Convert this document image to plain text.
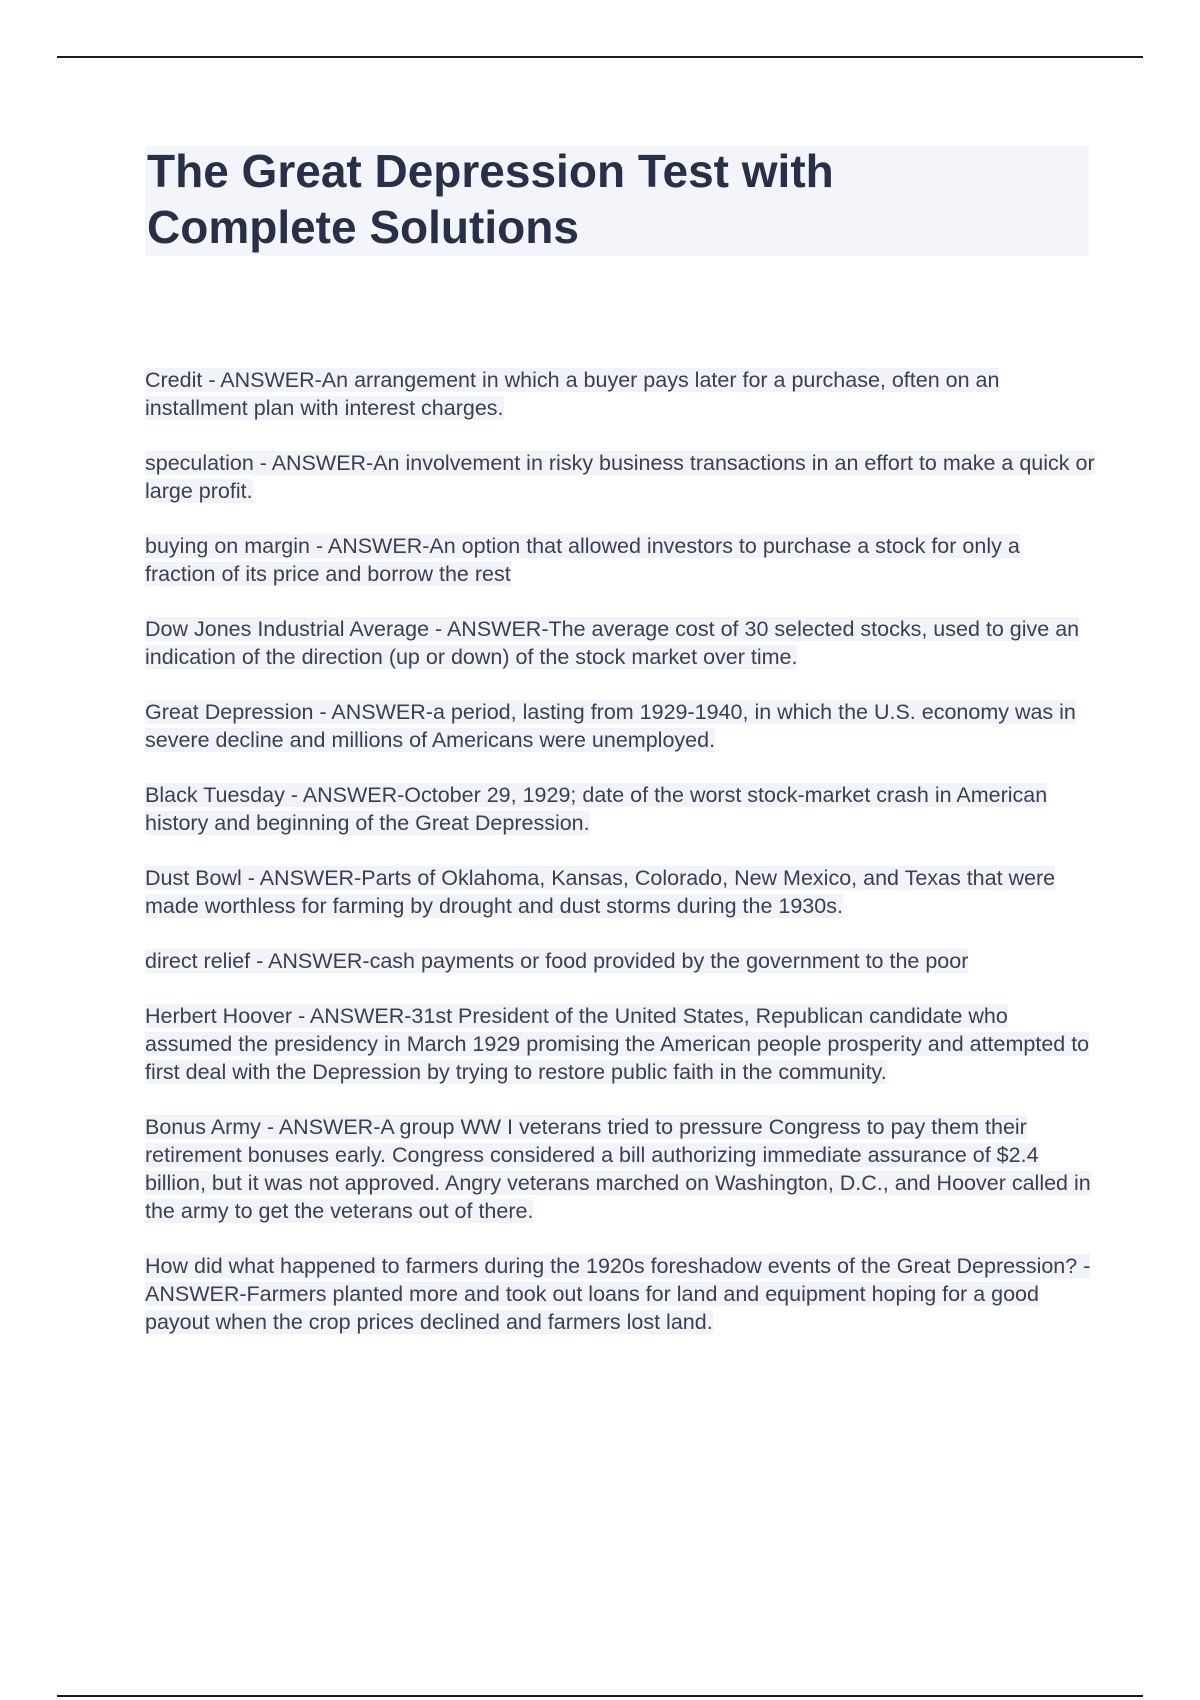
The Great Depression Test with Complete Solutions

Credit - ANSWER-An arrangement in which a buyer pays later for a purchase, often on an installment plan with interest charges.

speculation - ANSWER-An involvement in risky business transactions in an effort to make a quick or large profit.

buying on margin - ANSWER-An option that allowed investors to purchase a stock for only a fraction of its price and borrow the rest

Dow Jones Industrial Average - ANSWER-The average cost of 30 selected stocks, used to give an indication of the direction (up or down) of the stock market over time.

Great Depression - ANSWER-a period, lasting from 1929-1940, in which the U.S. economy was in severe decline and millions of Americans were unemployed.

Black Tuesday - ANSWER-October 29, 1929; date of the worst stock-market crash in American history and beginning of the Great Depression.

Dust Bowl - ANSWER-Parts of Oklahoma, Kansas, Colorado, New Mexico, and Texas that were made worthless for farming by drought and dust storms during the 1930s.

direct relief - ANSWER-cash payments or food provided by the government to the poor

Herbert Hoover - ANSWER-31st President of the United States, Republican candidate who assumed the presidency in March 1929 promising the American people prosperity and attempted to first deal with the Depression by trying to restore public faith in the community.

Bonus Army - ANSWER-A group WW I veterans tried to pressure Congress to pay them their retirement bonuses early. Congress considered a bill authorizing immediate assurance of $2.4 billion, but it was not approved. Angry veterans marched on Washington, D.C., and Hoover called in the army to get the veterans out of there.

How did what happened to farmers during the 1920s foreshadow events of the Great Depression? - ANSWER-Farmers planted more and took out loans for land and equipment hoping for a good payout when the crop prices declined and farmers lost land.
